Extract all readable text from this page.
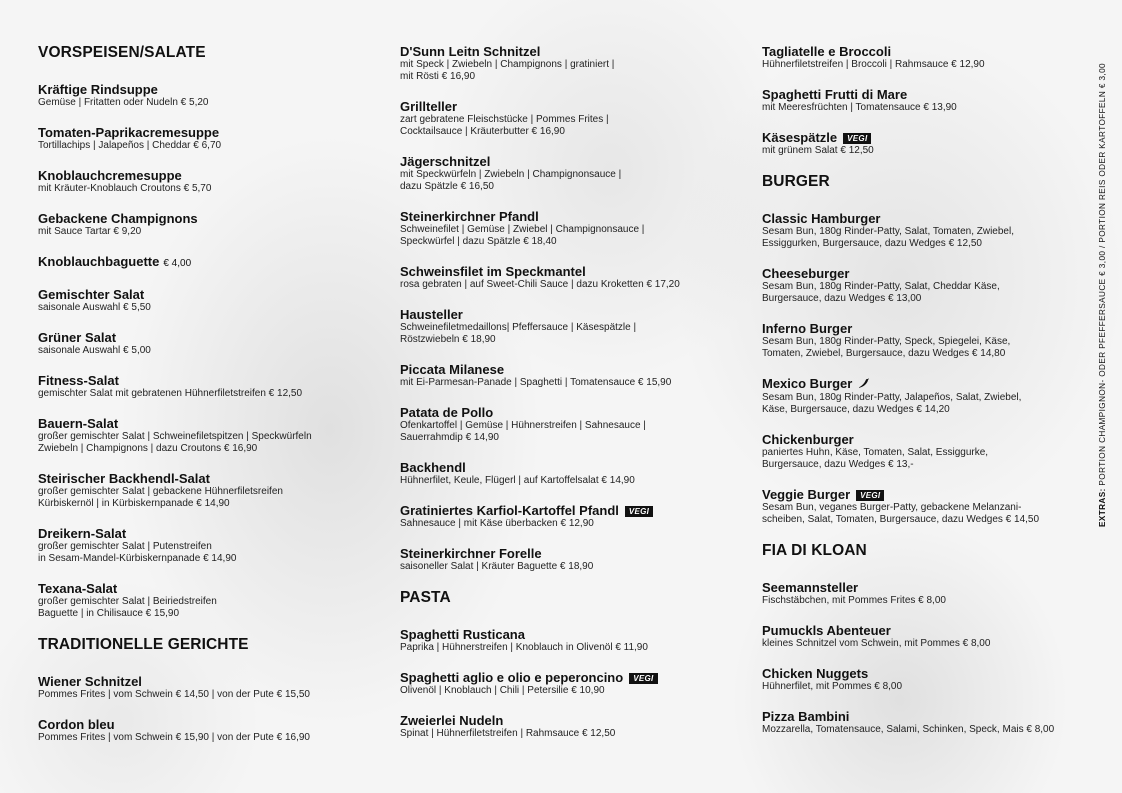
VORSPEISEN/SALATE
Kräftige Rindsuppe
Gemüse | Fritatten oder Nudeln € 5,20
Tomaten-Paprikacremesuppe
Tortillachips | Jalapeños | Cheddar € 6,70
Knoblauchcremesuppe
mit Kräuter-Knoblauch Croutons € 5,70
Gebackene Champignons
mit Sauce Tartar € 9,20
Knoblauchbaguette € 4,00
Gemischter Salat
saisonale Auswahl € 5,50
Grüner Salat
saisonale Auswahl € 5,00
Fitness-Salat
gemischter Salat mit gebratenen Hühnerfiletstreifen € 12,50
Bauern-Salat
großer gemischter Salat | Schweinefiletspitzen | Speckwürfeln
Zwiebeln | Champignons | dazu Croutons € 16,90
Steirischer Backhendl-Salat
großer gemischter Salat | gebackene Hühnerfiletsreifen
Kürbiskernöl | in Kürbiskernpanade € 14,90
Dreikern-Salat
großer gemischter Salat | Putenstreifen
in Sesam-Mandel-Kürbiskernpanade € 14,90
Texana-Salat
großer gemischter Salat | Beiriedstreifen
Baguette | in Chilisauce € 15,90
TRADITIONELLE GERICHTE
Wiener Schnitzel
Pommes Frites | vom Schwein € 14,50 | von der Pute € 15,50
Cordon bleu
Pommes Frites | vom Schwein € 15,90 | von der Pute € 16,90
D'Sunn Leitn Schnitzel
mit Speck | Zwiebeln | Champignons | gratiniert |
mit Rösti € 16,90
Grillteller
zart gebratene Fleischstücke | Pommes Frites |
Cocktailsauce | Kräuterbutter € 16,90
Jägerschnitzel
mit Speckwürfeln | Zwiebeln | Champignonsauce |
dazu Spätzle € 16,50
Steinerkirchner Pfandl
Schweinefilet | Gemüse | Zwiebel | Champignonsauce |
Speckwürfel | dazu Spätzle € 18,40
Schweinsfilet im Speckmantel
rosa gebraten | auf Sweet-Chili Sauce | dazu Kroketten € 17,20
Hausteller
Schweinefiletmedaillons| Pfeffersauce | Käsespätzle |
Röstzwiebeln € 18,90
Piccata Milanese
mit Ei-Parmesan-Panade | Spaghetti | Tomatensauce € 15,90
Patata de Pollo
Ofenkartoffel | Gemüse | Hühnerstreifen | Sahnesauce |
Sauerrahmdip € 14,90
Backhendl
Hühnerfilet, Keule, Flügerl | auf Kartoffelsalat € 14,90
Gratiniertes Karfiol-Kartoffel Pfandl VEGI
Sahnesauce | mit Käse überbacken € 12,90
Steinerkirchner Forelle
saisoneller Salat | Kräuter Baguette € 18,90
PASTA
Spaghetti Rusticana
Paprika | Hühnerstreifen | Knoblauch in Olivenöl € 11,90
Spaghetti aglio e olio e peperoncino VEGI
Olivenöl | Knoblauch | Chili | Petersilie € 10,90
Zweierlei Nudeln
Spinat | Hühnerfiletstreifen | Rahmsauce € 12,50
Tagliatelle e Broccoli
Hühnerfiletstreifen | Broccoli | Rahmsauce € 12,90
Spaghetti Frutti di Mare
mit Meeresfrüchten | Tomatensauce € 13,90
Käsespätzle VEGI
mit grünem Salat € 12,50
BURGER
Classic Hamburger
Sesam Bun, 180g Rinder-Patty, Salat, Tomaten, Zwiebel,
Essiggurken, Burgersauce, dazu Wedges € 12,50
Cheeseburger
Sesam Bun, 180g Rinder-Patty, Salat, Cheddar Käse,
Burgersauce, dazu Wedges € 13,00
Inferno Burger
Sesam Bun, 180g Rinder-Patty, Speck, Spiegelei, Käse,
Tomaten, Zwiebel, Burgersauce, dazu Wedges € 14,80
Mexico Burger
Sesam Bun, 180g Rinder-Patty, Jalapeños, Salat, Zwiebel,
Käse, Burgersauce, dazu Wedges € 14,20
Chickenburger
paniertes Huhn, Käse, Tomaten, Salat, Essiggurke,
Burgersauce, dazu Wedges € 13,-
Veggie Burger VEGI
Sesam Bun, veganes Burger-Patty, gebackene Melanzani-
scheiben, Salat, Tomaten, Burgersauce, dazu Wedges € 14,50
FIA DI KLOAN
Seemannsteller
Fischstäbchen, mit Pommes Frites € 8,00
Pumuckls Abenteuer
kleines Schnitzel vom Schwein, mit Pommes € 8,00
Chicken Nuggets
Hühnerfilet, mit Pommes € 8,00
Pizza Bambini
Mozzarella, Tomatensauce, Salami, Schinken, Speck, Mais € 8,00
EXTRAS: PORTION CHAMPIGNON- ODER PFEFFERSAUCE € 3,00 / PORTION REIS ODER KARTOFFELN € 3,00
